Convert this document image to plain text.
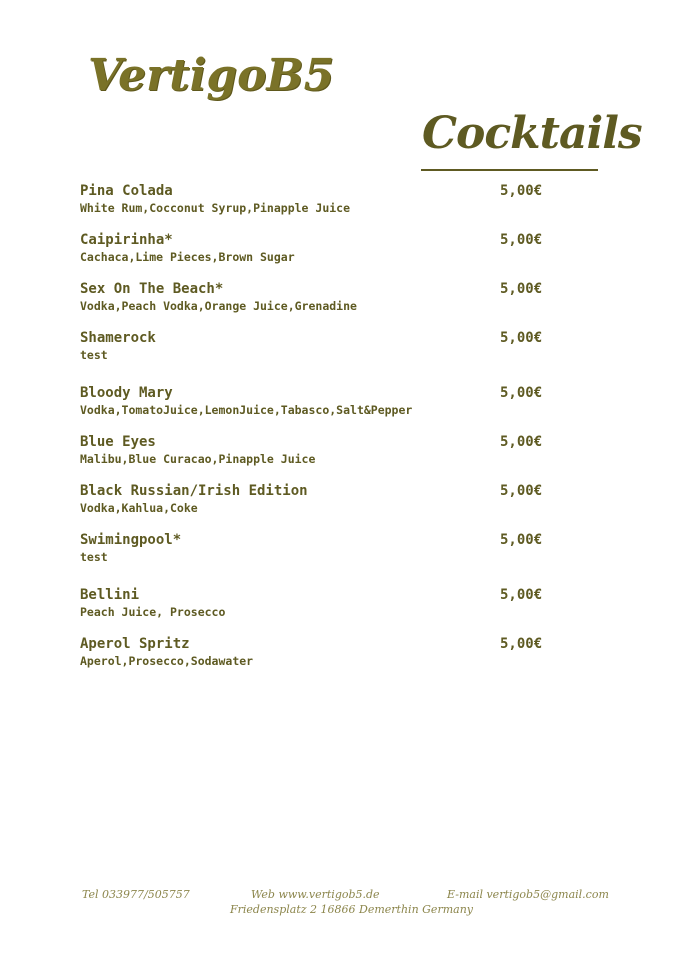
VertigoB5
Cocktails
Pina Colada
White Rum,Cocconut Syrup,Pinapple Juice
5,00€
Caipirinha*
Cachaca,Lime Pieces,Brown Sugar
5,00€
Sex On The Beach*
Vodka,Peach Vodka,Orange Juice,Grenadine
5,00€
Shamerock
test
5,00€
Bloody Mary
Vodka,TomatoJuice,LemonJuice,Tabasco,Salt&Pepper
5,00€
Blue Eyes
Malibu,Blue Curacao,Pinapple Juice
5,00€
Black Russian/Irish Edition
Vodka,Kahlua,Coke
5,00€
Swimingpool*
test
5,00€
Bellini
Peach Juice, Prosecco
5,00€
Aperol Spritz
Aperol,Prosecco,Sodawater
5,00€
Tel 033977/505757	Web www.vertigob5.de	E-mail vertigob5@gmail.com
Friedensplatz 2 16866 Demerthin Germany
